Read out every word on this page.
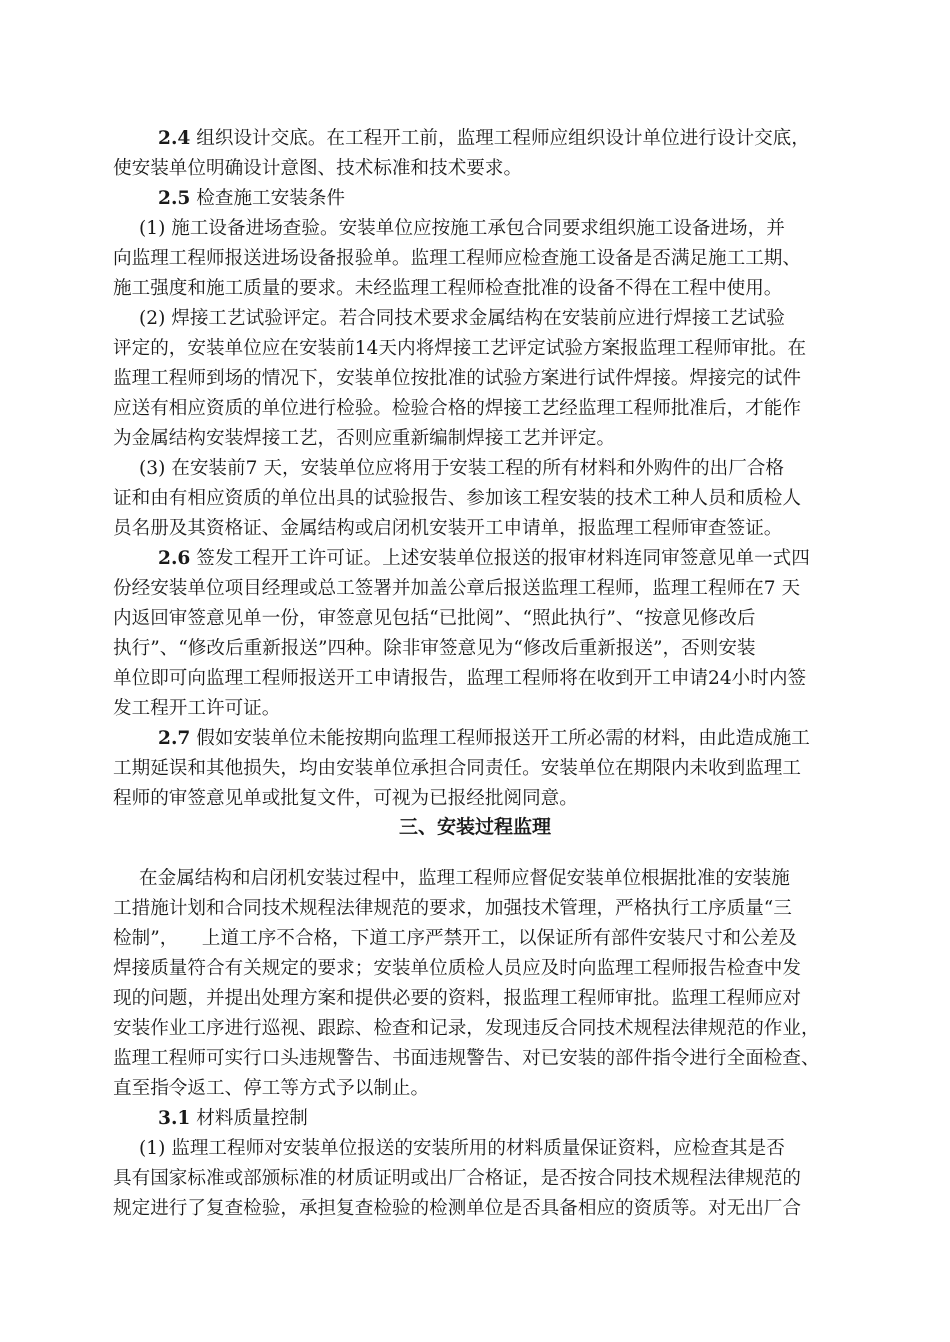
2.4 组织设计交底。在工程开工前，监理工程师应组织设计单位进行设计交底，
使安装单位明确设计意图、技术标准和技术要求。
2.5 检查施工安装条件
(1) 施工设备进场查验。安装单位应按施工承包合同要求组织施工设备进场，并
向监理工程师报送进场设备报验单。监理工程师应检查施工设备是否满足施工工期、
施工强度和施工质量的要求。未经监理工程师检查批准的设备不得在工程中使用。
(2) 焊接工艺试验评定。若合同技术要求金属结构在安装前应进行焊接工艺试验
评定的，安装单位应在安装前14天内将焊接工艺评定试验方案报监理工程师审批。在
监理工程师到场的情况下，安装单位按批准的试验方案进行试件焊接。焊接完的试件
应送有相应资质的单位进行检验。检验合格的焊接工艺经监理工程师批准后，才能作
为金属结构安装焊接工艺，否则应重新编制焊接工艺并评定。
(3) 在安装前7 天，安装单位应将用于安装工程的所有材料和外购件的出厂合格
证和由有相应资质的单位出具的试验报告、参加该工程安装的技术工种人员和质检人
员名册及其资格证、金属结构或启闭机安装开工申请单，报监理工程师审查签证。
2.6 签发工程开工许可证。上述安装单位报送的报审材料连同审签意见单一式四
份经安装单位项目经理或总工签署并加盖公章后报送监理工程师，监理工程师在7 天
内返回审签意见单一份，审签意见包括“已批阅”、“照此执行”、“按意见修改后
执行”、“修改后重新报送”四种。除非审签意见为“修改后重新报送”，否则安装
单位即可向监理工程师报送开工申请报告，监理工程师将在收到开工申请24小时内签
发工程开工许可证。
2.7 假如安装单位未能按期向监理工程师报送开工所必需的材料，由此造成施工
工期延误和其他损失，均由安装单位承担合同责任。安装单位在期限内未收到监理工
程师的审签意见单或批复文件，可视为已报经批阅同意。
三、安装过程监理
在金属结构和启闭机安装过程中，监理工程师应督促安装单位根据批准的安装施
工措施计划和合同技术规程法律规范的要求，加强技术管理，严格执行工序质量“三
检制”，    上道工序不合格，下道工序严禁开工，以保证所有部件安装尺寸和公差及
焊接质量符合有关规定的要求；安装单位质检人员应及时向监理工程师报告检查中发
现的问题，并提出处理方案和提供必要的资料，报监理工程师审批。监理工程师应对
安装作业工序进行巡视、跟踪、检查和记录，发现违反合同技术规程法律规范的作业，
监理工程师可实行口头违规警告、书面违规警告、对已安装的部件指令进行全面检查、
直至指令返工、停工等方式予以制止。
3.1 材料质量控制
(1) 监理工程师对安装单位报送的安装所用的材料质量保证资料，应检查其是否
具有国家标准或部颁标准的材质证明或出厂合格证，是否按合同技术规程法律规范的
规定进行了复查检验，承担复查检验的检测单位是否具备相应的资质等。对无出厂合
